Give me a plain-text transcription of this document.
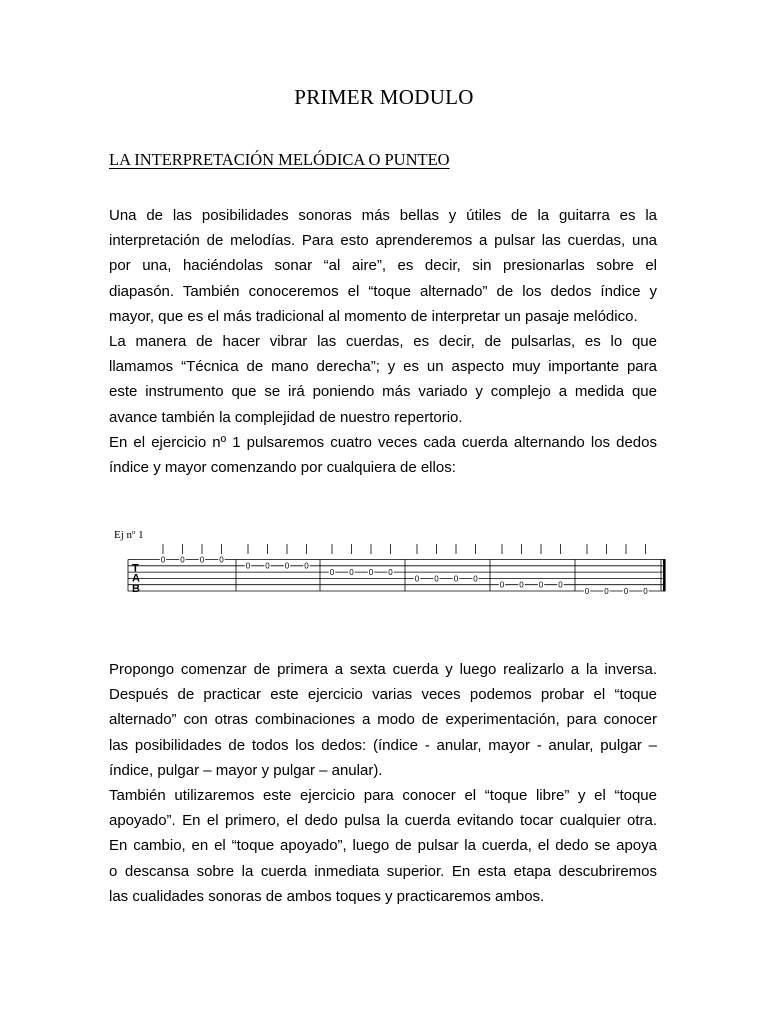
PRIMER MODULO
LA INTERPRETACIÓN MELÓDICA O PUNTEO
Una de las posibilidades sonoras más bellas y útiles de la guitarra es la
interpretación de melodías. Para esto aprenderemos a pulsar las cuerdas, una
por una, haciéndolas sonar “al aire”, es decir, sin presionarlas sobre el
diapasón. También conoceremos el “toque alternado” de los dedos índice y
mayor, que es el más tradicional al momento de interpretar un pasaje melódico.
La manera de hacer vibrar las cuerdas, es decir, de pulsarlas, es lo que
llamamos “Técnica de mano derecha”; y es un aspecto muy importante para
este instrumento que se irá poniendo más variado y complejo a medida que
avance también la complejidad de nuestro repertorio.
En el ejercicio nº 1 pulsaremos cuatro veces cada cuerda alternando los dedos
índice y mayor comenzando por cualquiera de ellos:
Ej nº 1
T
A
B
0 0 0 0
0 0 0 0
0 0 0 0
0 0 0 0
0 0 0 0
0 0 0 0
Propongo comenzar de primera a sexta cuerda y luego realizarlo a la inversa.
Después de practicar este ejercicio varias veces podemos probar el “toque
alternado” con otras combinaciones a modo de experimentación, para conocer
las posibilidades de todos los dedos: (índice - anular, mayor - anular, pulgar –
índice, pulgar – mayor y pulgar – anular).
También utilizaremos este ejercicio para conocer el “toque libre” y el “toque
apoyado”. En el primero, el dedo pulsa la cuerda evitando tocar cualquier otra.
En cambio, en el “toque apoyado”, luego de pulsar la cuerda, el dedo se apoya
o descansa sobre la cuerda inmediata superior. En esta etapa descubriremos
las cualidades sonoras de ambos toques y practicaremos ambos.
